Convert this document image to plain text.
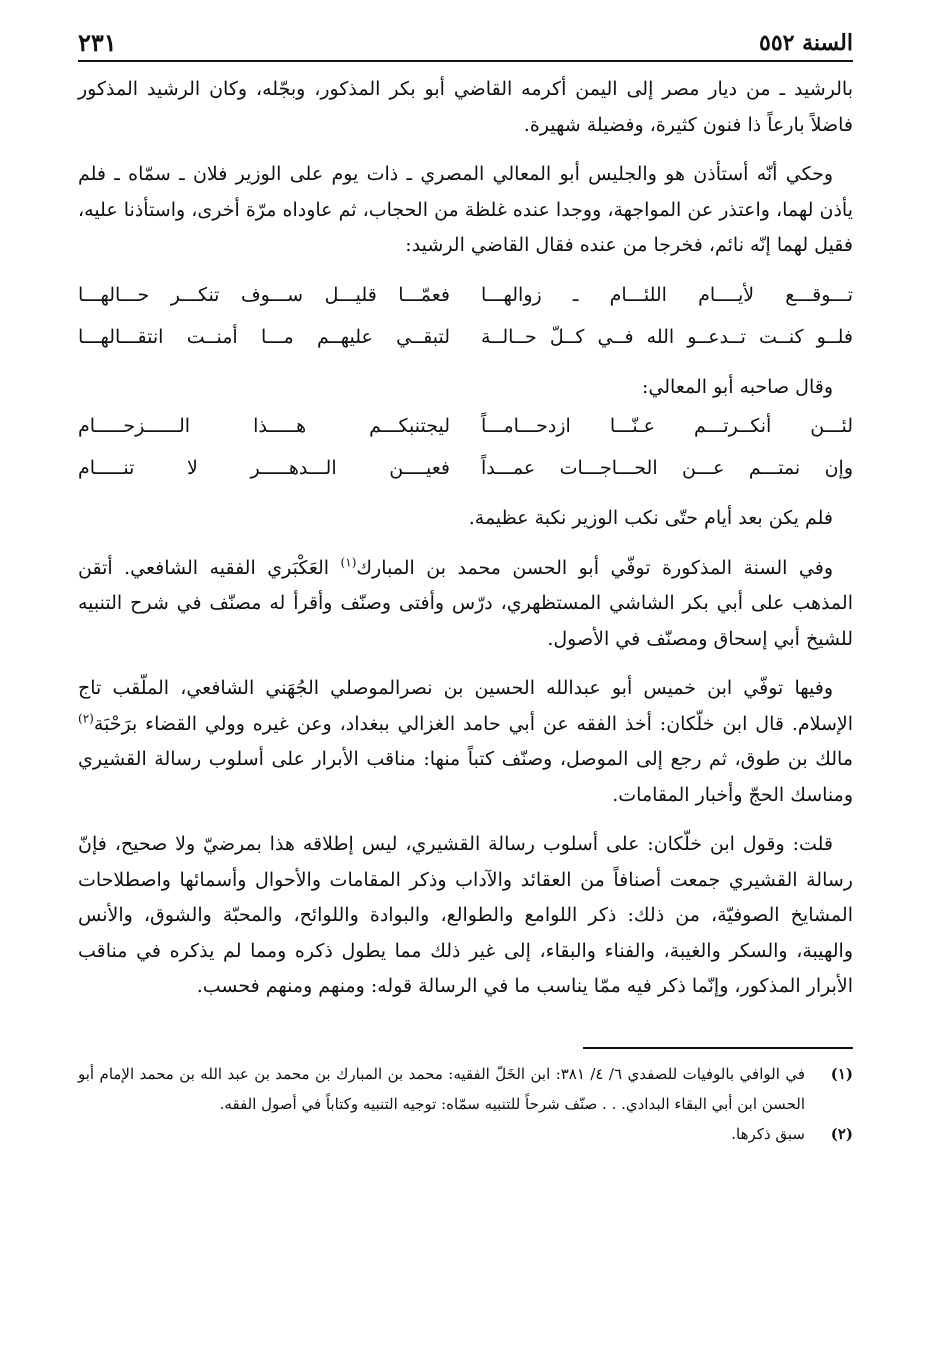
السنة ٥٥٢
٢٣١

بالرشيد ـ من ديار مصر إلى اليمن أكرمه القاضي أبو بكر المذكور، وبجّله، وكان الرشيد المذكور فاضلاً بارعاً ذا فنون كثيرة، وفضيلة شهيرة.

وحكي أنّه أستأذن هو والجليس أبو المعالي المصري ـ ذات يوم على الوزير فلان ـ سمّاه ـ فلم يأذن لهما، واعتذر عن المواجهة، ووجدا عنده غلظة من الحجاب، ثم عاوداه مرّة أخرى، واستأذنا عليه، فقيل لهما إنّه نائم، فخرجا من عنده فقال القاضي الرشيد:

تـــوقـــع لأيــــام اللئـــام ـ زوالهـــا
فعمّـــا قليـــل ســـوف تنكـــر حـــالهـــا
فلــو كنــت تــدعــو الله فــي كــلّ حــالــة
لتبقــي عليهــم مـــا أمنــت انتقـــالهـــا

وقال صاحبه أبو المعالي:

لئـــن أنكــرتـــم عـنّـــا ازدحـــامـــاً
ليجتنبكـــم هـــــذا الــــــزحـــــام
وإن نمتـــم عـــن الحـــاجـــات عمـــداً
فعيــــن الـــدهـــــر لا تنـــــام

فلم يكن بعد أيام حتّى نكب الوزير نكبة عظيمة.

وفي السنة المذكورة توفّي أبو الحسن محمد بن المبارك$^{(١)}$ العَكْبَري الفقيه الشافعي. أتقن المذهب على أبي بكر الشاشي المستظهري، درّس وأفتى وصنّف وأقرأ له مصنّف في شرح التنبيه للشيخ أبي إسحاق ومصنّف في الأصول.

وفيها توفّي ابن خميس أبو عبدالله الحسين بن نصرالموصلي الجُهَني الشافعي، الملّقب تاج الإسلام. قال ابن خلّكان: أخذ الفقه عن أبي حامد الغزالي ببغداد، وعن غيره وولي القضاء برَحْبَة$^{(٢)}$ مالك بن طوق، ثم رجع إلى الموصل، وصنّف كتباً منها: مناقب الأبرار على أسلوب رسالة القشيري ومناسك الحجّ وأخبار المقامات.

قلت: وقول ابن خلّكان: على أسلوب رسالة القشيري، ليس إطلاقه هذا بمرضيّ ولا صحيح، فإنّ رسالة القشيري جمعت أصنافاً من العقائد والآداب وذكر المقامات والأحوال وأسمائها واصطلاحات المشايخ الصوفيّة، من ذلك: ذكر اللوامع والطوالع، والبوادة واللوائح، والمحبّة والشوق، والأنس والهيبة، والسكر والغيبة، والفناء والبقاء، إلى غير ذلك مما يطول ذكره ومما لم يذكره في مناقب الأبرار المذكور، وإنّما ذكر فيه ممّا يناسب ما في الرسالة قوله: ومنهم ومنهم فحسب.

(١)
في الوافي بالوفيات للصفدي ٦/ ٤/ ٣٨١: ابن الخَلّ الفقيه: محمد بن المبارك بن محمد بن عبد الله بن محمد الإمام أبو الحسن ابن أبي البقاء البدادي. . . صنّف شرحاً للتنبيه سمّاه: توجيه التنبيه وكتاباً في أصول الفقه.
(٢)
سبق ذكرها.
